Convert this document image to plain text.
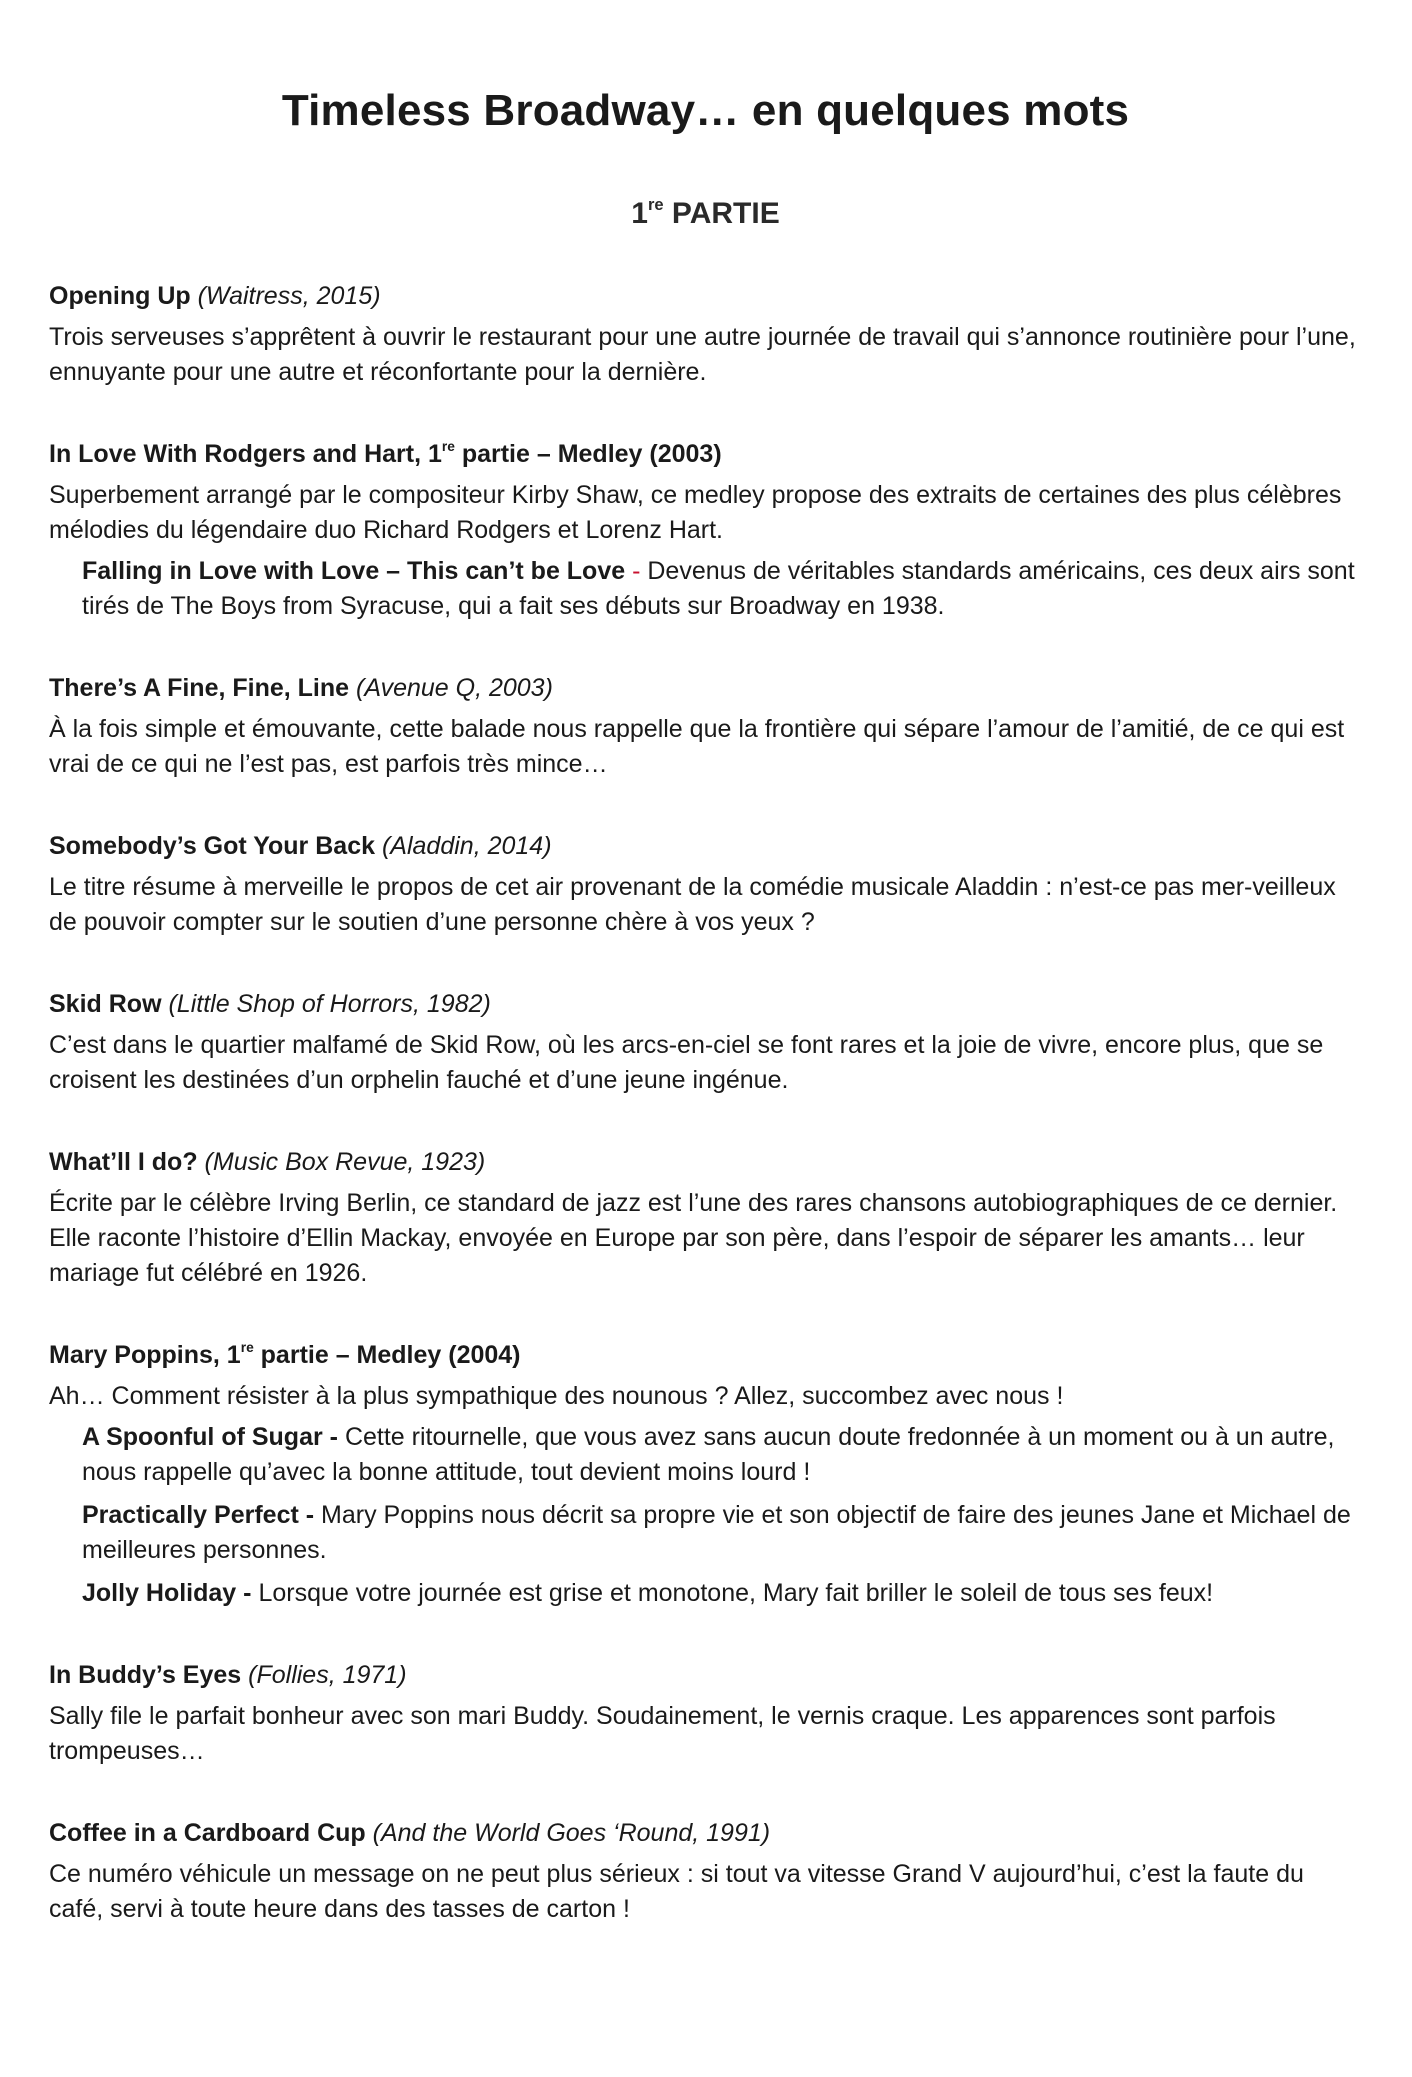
Timeless Broadway… en quelques mots
1re PARTIE

Opening Up (Waitress, 2015)

Trois serveuses s’apprêtent à ouvrir le restaurant pour une autre journée de travail qui s’annonce routinière pour l’une, ennuyante pour une autre et réconfortante pour la dernière.

In Love With Rodgers and Hart, 1re partie – Medley (2003)

Superbement arrangé par le compositeur Kirby Shaw, ce medley propose des extraits de certaines des plus célèbres mélodies du légendaire duo Richard Rodgers et Lorenz Hart.

Falling in Love with Love – This can’t be Love - Devenus de véritables standards américains, ces deux airs sont tirés de The Boys from Syracuse, qui a fait ses débuts sur Broadway en 1938.

There’s A Fine, Fine, Line (Avenue Q, 2003)

À la fois simple et émouvante, cette balade nous rappelle que la frontière qui sépare l’amour de l’amitié, de ce qui est vrai de ce qui ne l’est pas, est parfois très mince…

Somebody’s Got Your Back (Aladdin, 2014)

Le titre résume à merveille le propos de cet air provenant de la comédie musicale Aladdin : n’est-ce pas mer-veilleux de pouvoir compter sur le soutien d’une personne chère à vos yeux ?

Skid Row (Little Shop of Horrors, 1982)

C’est dans le quartier malfamé de Skid Row, où les arcs-en-ciel se font rares et la joie de vivre, encore plus, que se croisent les destinées d’un orphelin fauché et d’une jeune ingénue.

What’ll I do? (Music Box Revue, 1923)

Écrite par le célèbre Irving Berlin, ce standard de jazz est l’une des rares chansons autobiographiques de ce dernier. Elle raconte l’histoire d’Ellin Mackay, envoyée en Europe par son père, dans l’espoir de séparer les amants… leur mariage fut célébré en 1926.

Mary Poppins, 1re partie – Medley (2004)

Ah… Comment résister à la plus sympathique des nounous ? Allez, succombez avec nous !

A Spoonful of Sugar - Cette ritournelle, que vous avez sans aucun doute fredonnée à un moment ou à un autre, nous rappelle qu’avec la bonne attitude, tout devient moins lourd !

Practically Perfect - Mary Poppins nous décrit sa propre vie et son objectif de faire des jeunes Jane et Michael de meilleures personnes.

Jolly Holiday - Lorsque votre journée est grise et monotone, Mary fait briller le soleil de tous ses feux!

In Buddy’s Eyes (Follies, 1971)

Sally file le parfait bonheur avec son mari Buddy. Soudainement, le vernis craque. Les apparences sont parfois trompeuses…

Coffee in a Cardboard Cup (And the World Goes ‘Round, 1991)

Ce numéro véhicule un message on ne peut plus sérieux : si tout va vitesse Grand V aujourd’hui, c’est la faute du café, servi à toute heure dans des tasses de carton !
